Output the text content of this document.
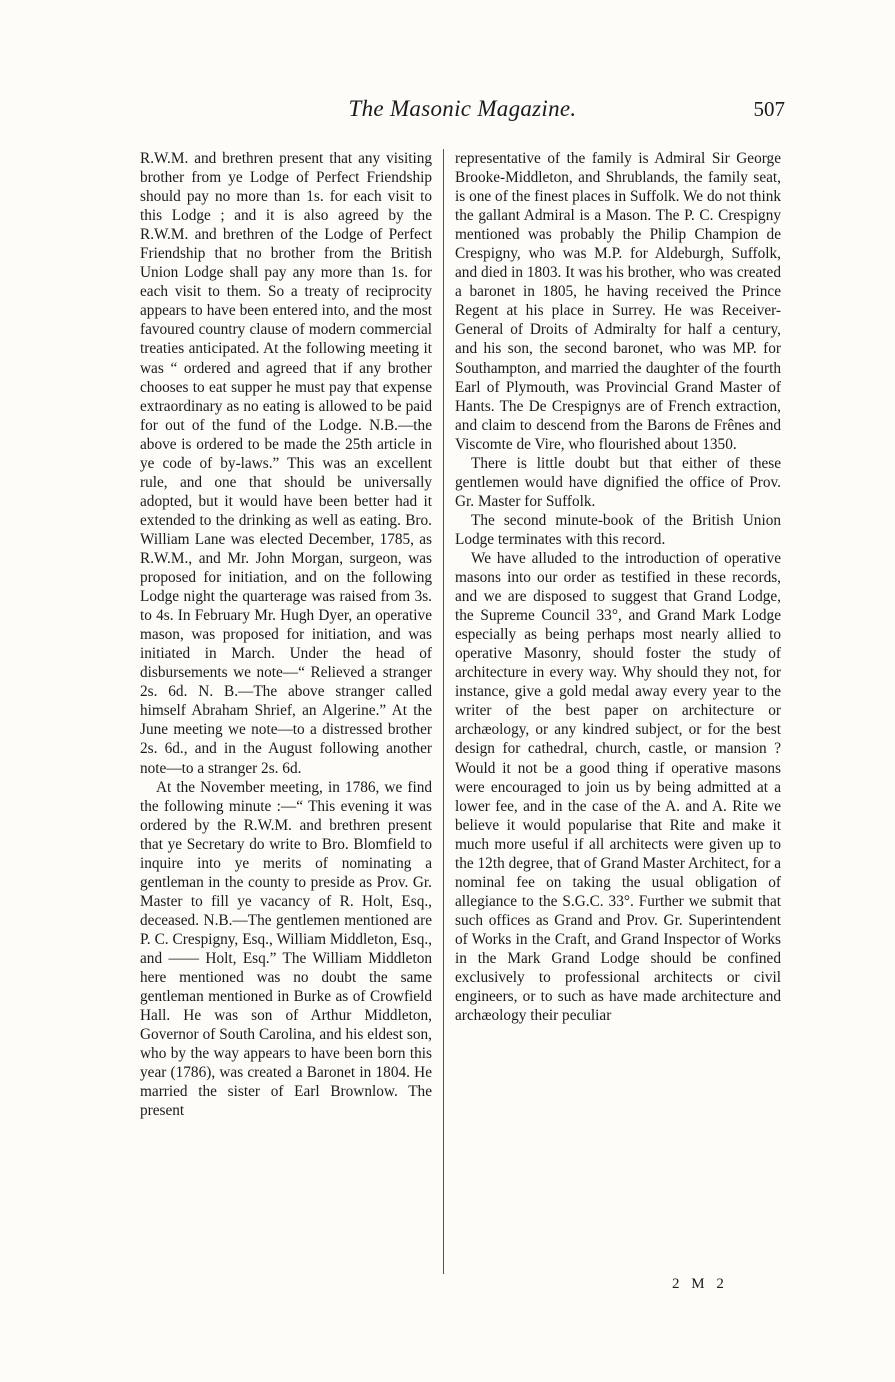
The Masonic Magazine.	507

R.W.M. and brethren present that any visiting brother from ye Lodge of Perfect Friendship should pay no more than 1s. for each visit to this Lodge ; and it is also agreed by the R.W.M. and brethren of the Lodge of Perfect Friendship that no brother from the British Union Lodge shall pay any more than 1s. for each visit to them. So a treaty of reciprocity appears to have been entered into, and the most favoured country clause of modern commercial treaties anticipated. At the following meeting it was “ ordered and agreed that if any brother chooses to eat supper he must pay that expense extraordinary as no eating is allowed to be paid for out of the fund of the Lodge. N.B.—the above is ordered to be made the 25th article in ye code of by-laws.” This was an excellent rule, and one that should be universally adopted, but it would have been better had it extended to the drinking as well as eating. Bro. William Lane was elected December, 1785, as R.W.M., and Mr. John Morgan, surgeon, was proposed for initiation, and on the following Lodge night the quarterage was raised from 3s. to 4s. In February Mr. Hugh Dyer, an operative mason, was proposed for initiation, and was initiated in March. Under the head of disbursements we note—“ Relieved a stranger 2s. 6d. N. B.—The above stranger called himself Abraham Shrief, an Algerine.” At the June meeting we note—to a distressed brother 2s. 6d., and in the August following another note—to a stranger 2s. 6d.

At the November meeting, in 1786, we find the following minute :—“ This evening it was ordered by the R.W.M. and brethren present that ye Secretary do write to Bro. Blomfield to inquire into ye merits of nominating a gentleman in the county to preside as Prov. Gr. Master to fill ye vacancy of R. Holt, Esq., deceased. N.B.—The gentlemen mentioned are P. C. Crespigny, Esq., William Middleton, Esq., and —— Holt, Esq.” The William Middleton here mentioned was no doubt the same gentleman mentioned in Burke as of Crowfield Hall. He was son of Arthur Middleton, Governor of South Carolina, and his eldest son, who by the way appears to have been born this year (1786), was created a Baronet in 1804. He married the sister of Earl Brownlow. The present

representative of the family is Admiral Sir George Brooke-Middleton, and Shrublands, the family seat, is one of the finest places in Suffolk. We do not think the gallant Admiral is a Mason. The P. C. Crespigny mentioned was probably the Philip Champion de Crespigny, who was M.P. for Aldeburgh, Suffolk, and died in 1803. It was his brother, who was created a baronet in 1805, he having received the Prince Regent at his place in Surrey. He was Receiver-General of Droits of Admiralty for half a century, and his son, the second baronet, who was MP. for Southampton, and married the daughter of the fourth Earl of Plymouth, was Provincial Grand Master of Hants. The De Crespignys are of French extraction, and claim to descend from the Barons de Frênes and Viscomte de Vire, who flourished about 1350.

There is little doubt but that either of these gentlemen would have dignified the office of Prov. Gr. Master for Suffolk.

The second minute-book of the British Union Lodge terminates with this record.

We have alluded to the introduction of operative masons into our order as testified in these records, and we are disposed to suggest that Grand Lodge, the Supreme Council 33°, and Grand Mark Lodge especially as being perhaps most nearly allied to operative Masonry, should foster the study of architecture in every way. Why should they not, for instance, give a gold medal away every year to the writer of the best paper on architecture or archæology, or any kindred subject, or for the best design for cathedral, church, castle, or mansion ? Would it not be a good thing if operative masons were encouraged to join us by being admitted at a lower fee, and in the case of the A. and A. Rite we believe it would popularise that Rite and make it much more useful if all architects were given up to the 12th degree, that of Grand Master Architect, for a nominal fee on taking the usual obligation of allegiance to the S.G.C. 33°. Further we submit that such offices as Grand and Prov. Gr. Superintendent of Works in the Craft, and Grand Inspector of Works in the Mark Grand Lodge should be confined exclusively to professional architects or civil engineers, or to such as have made architecture and archæology their peculiar

2 M 2
